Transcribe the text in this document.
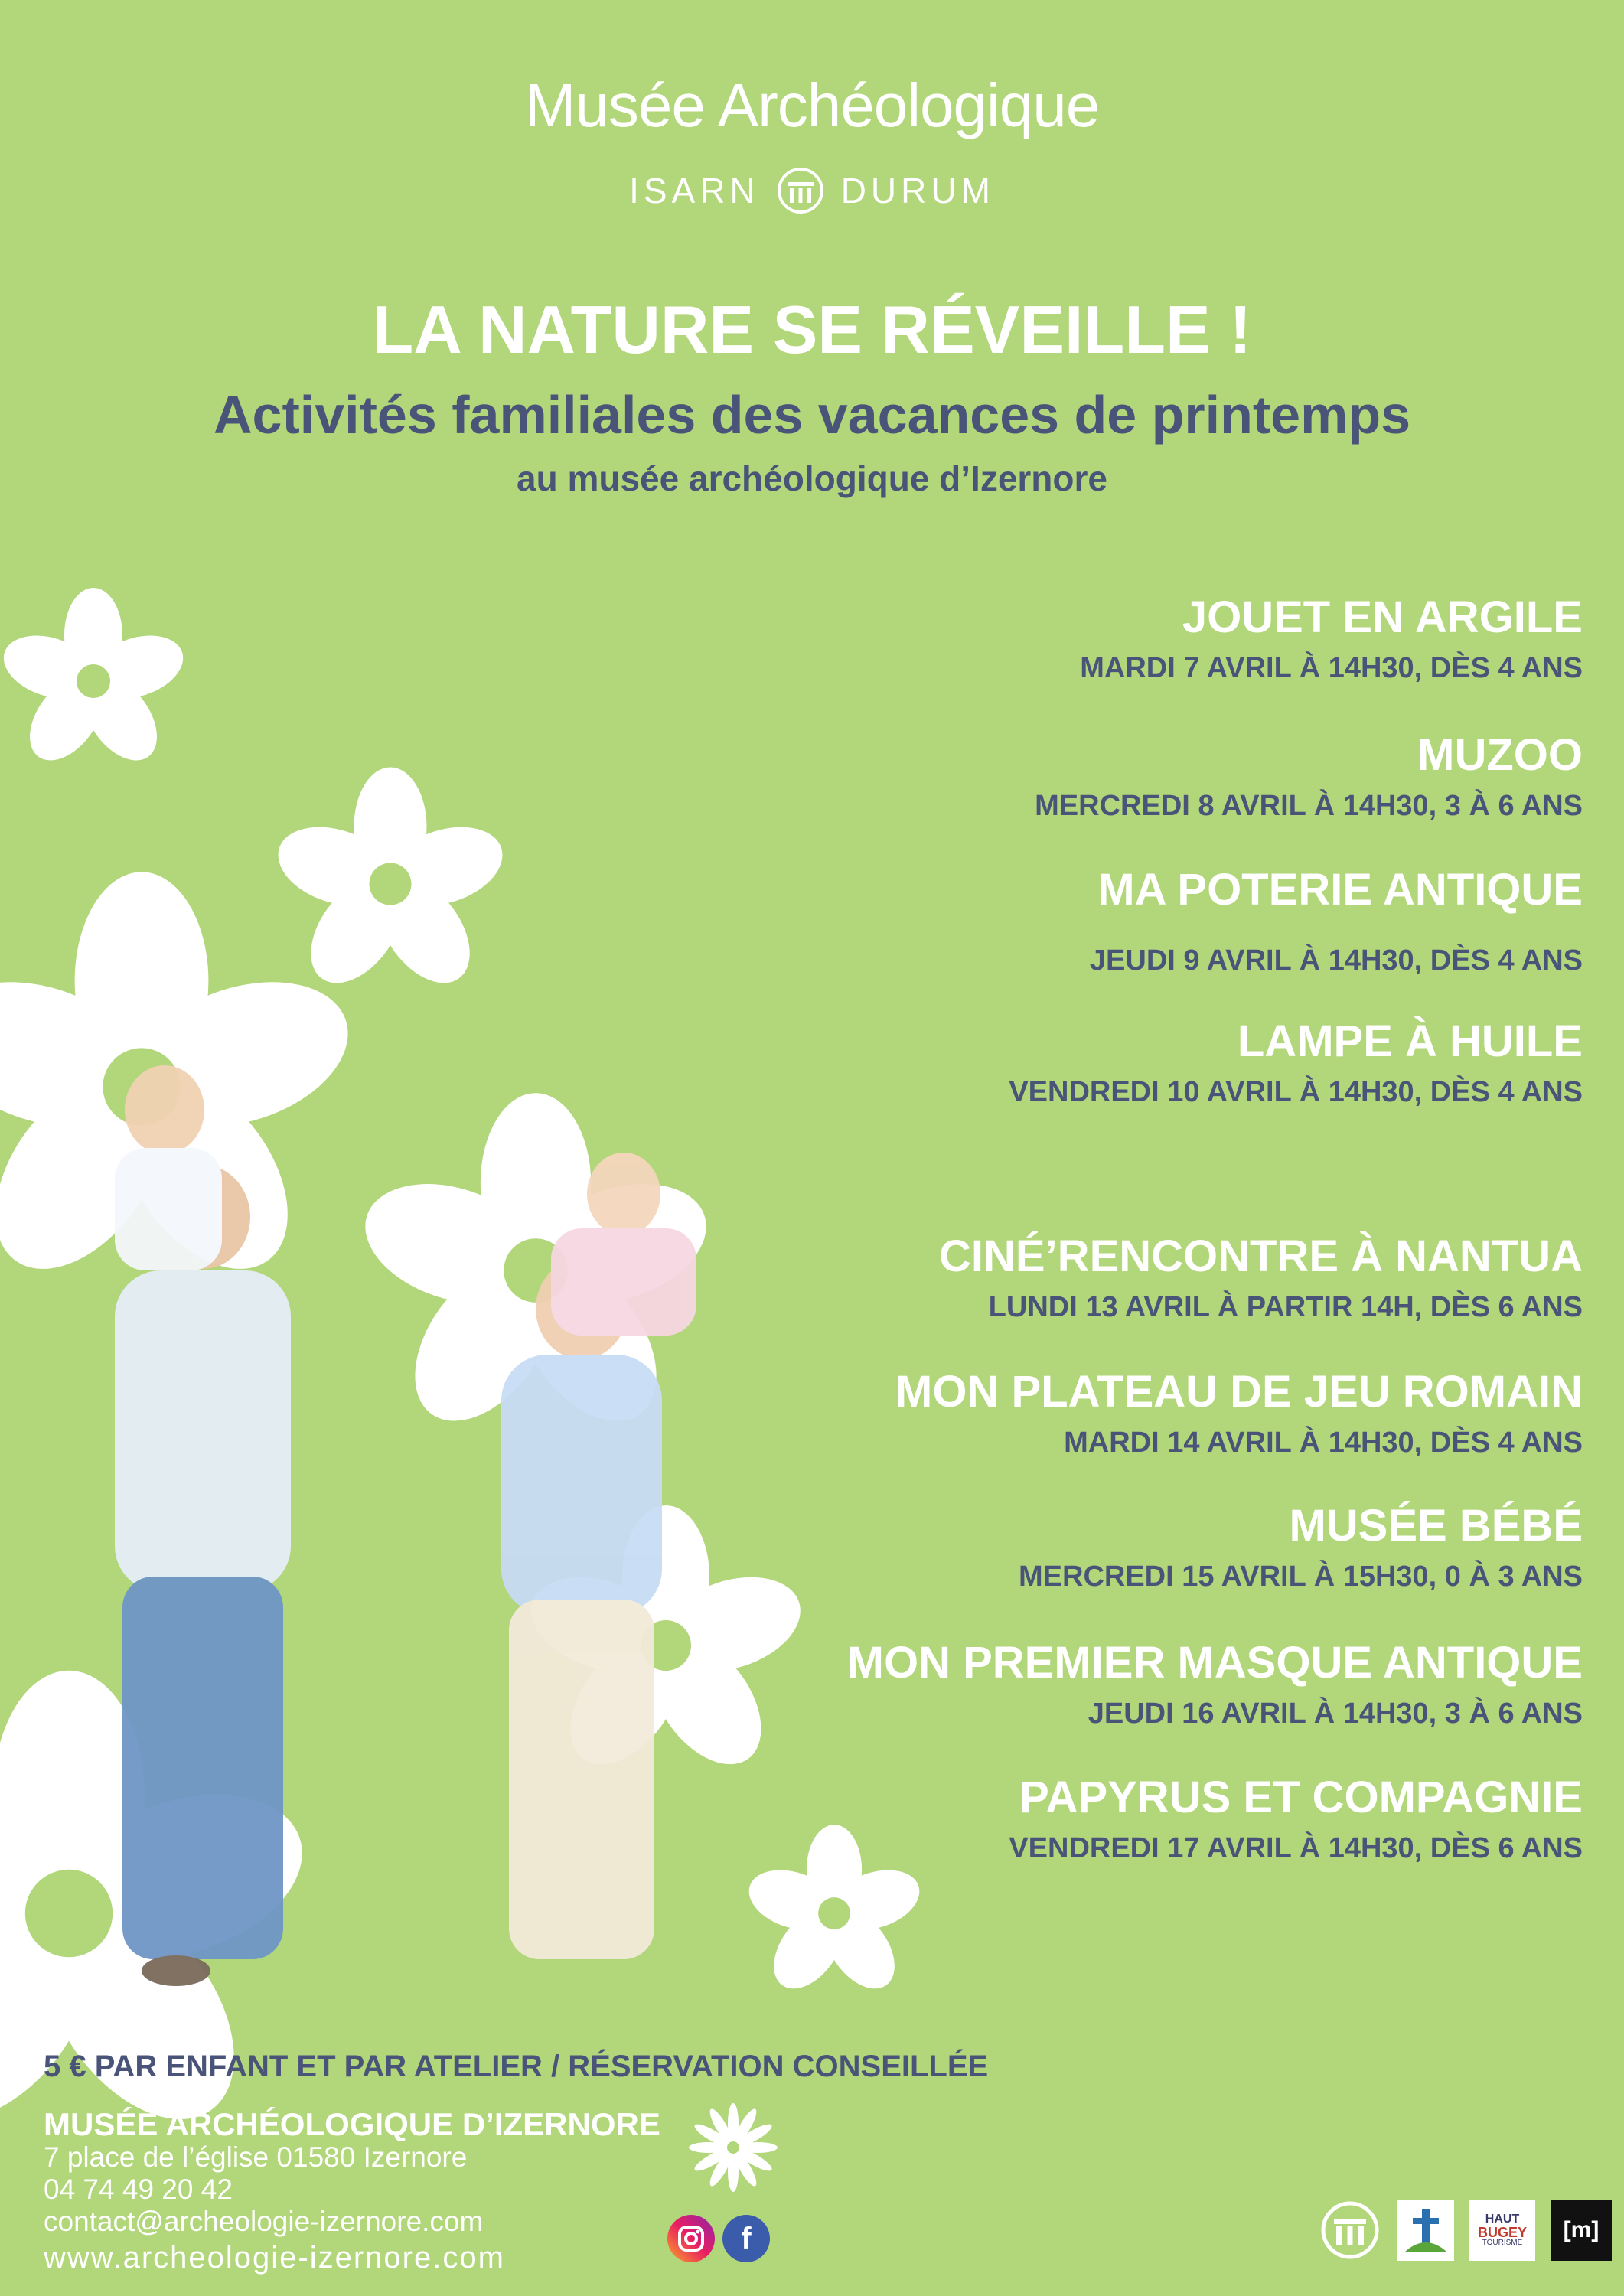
Musée Archéologique
ISARN DURUM
LA NATURE SE RÉVEILLE !
Activités familiales des vacances de printemps
au musée archéologique d’Izernore
JOUET EN ARGILE
MARDI 7 AVRIL À 14H30, DÈS 4 ANS
MUZOO
MERCREDI 8 AVRIL À 14H30, 3 À 6 ANS
MA POTERIE ANTIQUE
JEUDI 9 AVRIL À 14H30, DÈS 4 ANS
LAMPE À HUILE
VENDREDI 10 AVRIL À 14H30, DÈS 4 ANS
CINÉ’RENCONTRE À NANTUA
LUNDI 13 AVRIL À PARTIR 14H, DÈS 6 ANS
MON PLATEAU DE JEU ROMAIN
MARDI 14 AVRIL À 14H30, DÈS 4 ANS
MUSÉE BÉBÉ
MERCREDI 15 AVRIL À 15H30, 0 À 3 ANS
MON PREMIER MASQUE ANTIQUE
JEUDI 16 AVRIL À 14H30, 3 À 6 ANS
PAPYRUS ET COMPAGNIE
VENDREDI 17 AVRIL À 14H30, DÈS 6 ANS
5 € PAR ENFANT ET PAR ATELIER / RÉSERVATION CONSEILLÉE
MUSÉE ARCHÉOLOGIQUE D’IZERNORE
7 place de l’église 01580 Izernore
04 74 49 20 42
contact@archeologie-izernore.com
www.archeologie-izernore.com
f
HAUT
BUGEY
TOURISME
[m]
